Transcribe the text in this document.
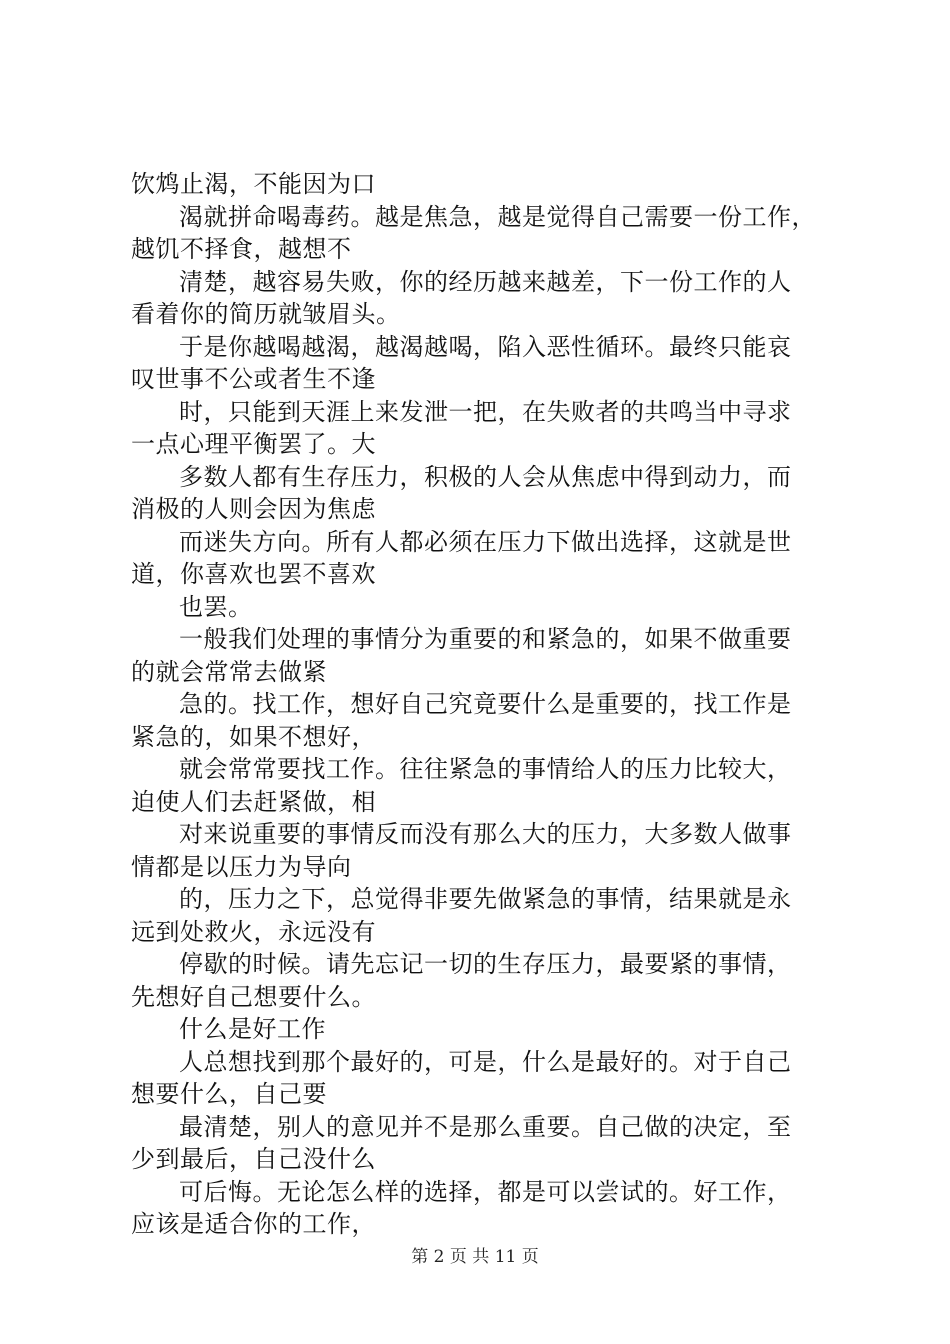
饮鸩止渴，不能因为口
渴就拼命喝毒药。越是焦急，越是觉得自己需要一份工作，
越饥不择食，越想不
清楚，越容易失败，你的经历越来越差，下一份工作的人
看着你的简历就皱眉头。
于是你越喝越渴，越渴越喝，陷入恶性循环。最终只能哀
叹世事不公或者生不逢
时，只能到天涯上来发泄一把，在失败者的共鸣当中寻求
一点心理平衡罢了。大
多数人都有生存压力，积极的人会从焦虑中得到动力，而
消极的人则会因为焦虑
而迷失方向。所有人都必须在压力下做出选择，这就是世
道，你喜欢也罢不喜欢
也罢。
一般我们处理的事情分为重要的和紧急的，如果不做重要
的就会常常去做紧
急的。找工作，想好自己究竟要什么是重要的，找工作是
紧急的，如果不想好，
就会常常要找工作。往往紧急的事情给人的压力比较大，
迫使人们去赶紧做，相
对来说重要的事情反而没有那么大的压力，大多数人做事
情都是以压力为导向
的，压力之下，总觉得非要先做紧急的事情，结果就是永
远到处救火，永远没有
停歇的时候。请先忘记一切的生存压力，最要紧的事情，
先想好自己想要什么。
什么是好工作
人总想找到那个最好的，可是，什么是最好的。对于自己
想要什么，自己要
最清楚，别人的意见并不是那么重要。自己做的决定，至
少到最后，自己没什么
可后悔。无论怎么样的选择，都是可以尝试的。好工作，
应该是适合你的工作，
第 2 页 共 11 页
